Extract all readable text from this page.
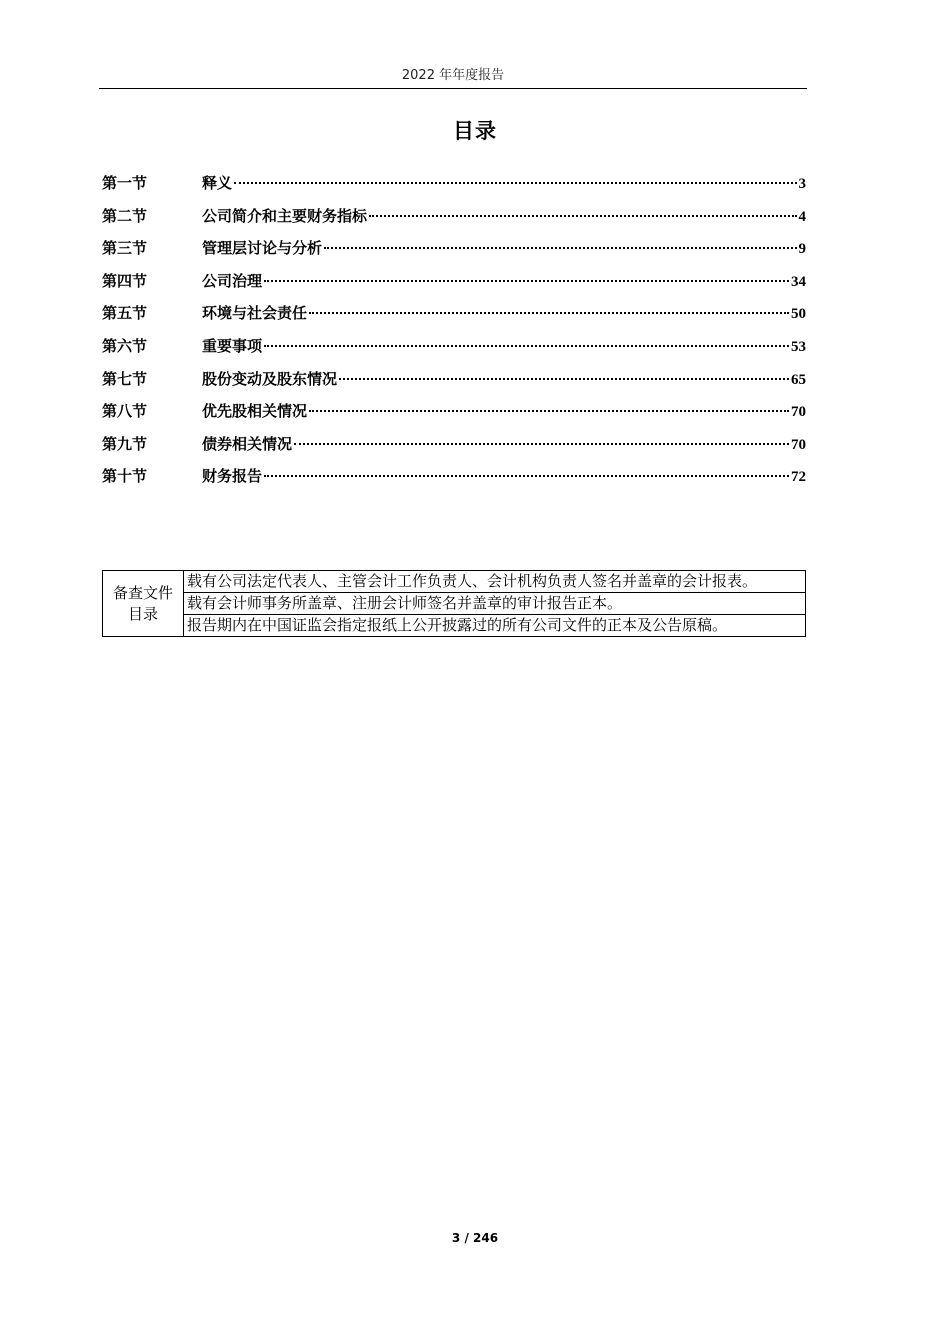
2022 年年度报告
目录
第一节	释义	3
第二节	公司简介和主要财务指标	4
第三节	管理层讨论与分析	9
第四节	公司治理	34
第五节	环境与社会责任	50
第六节	重要事项	53
第七节	股份变动及股东情况	65
第八节	优先股相关情况	70
第九节	债券相关情况	70
第十节	财务报告	72
备查文件目录	载有公司法定代表人、主管会计工作负责人、会计机构负责人签名并盖章的会计报表。
载有会计师事务所盖章、注册会计师签名并盖章的审计报告正本。
报告期内在中国证监会指定报纸上公开披露过的所有公司文件的正本及公告原稿。
3 / 246
